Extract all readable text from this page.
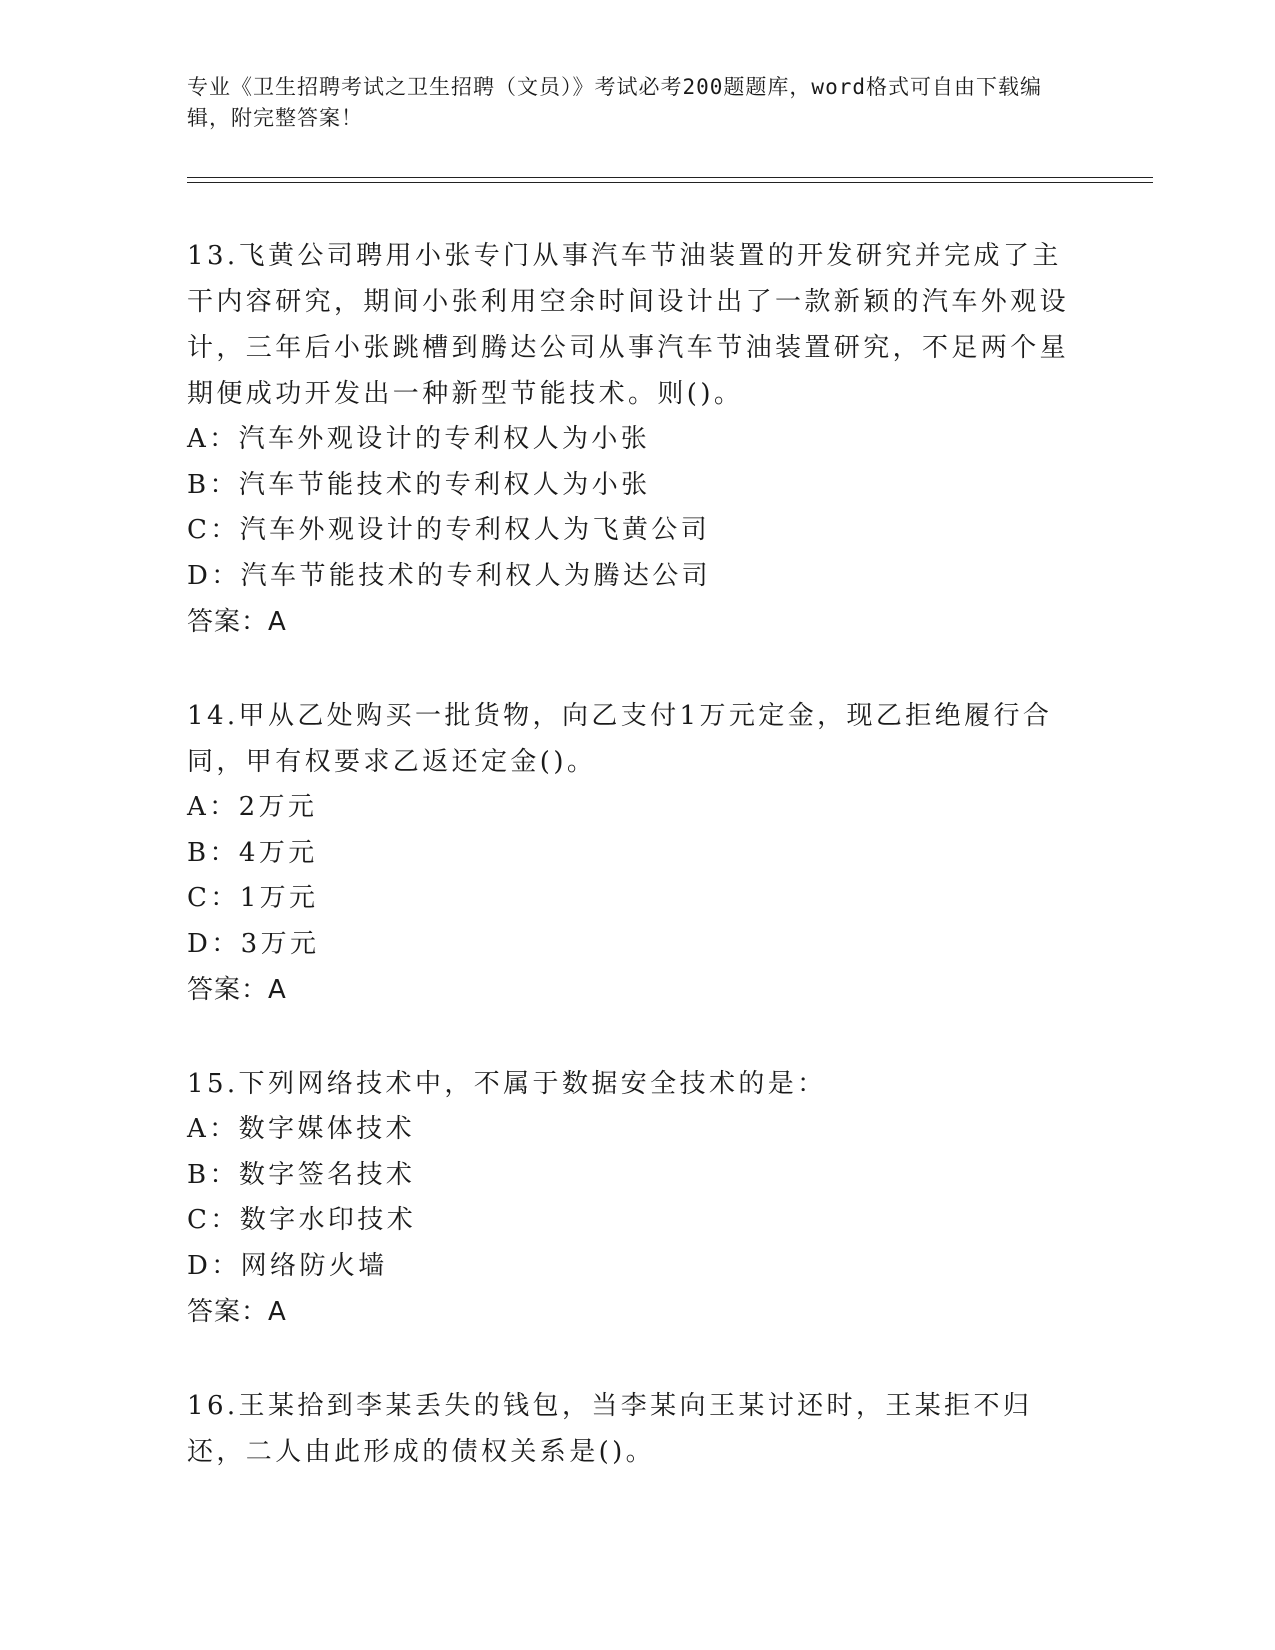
专业《卫生招聘考试之卫生招聘（文员）》考试必考200题题库，word格式可自由下载编辑，附完整答案！
13.飞黄公司聘用小张专门从事汽车节油装置的开发研究并完成了主干内容研究，期间小张利用空余时间设计出了一款新颖的汽车外观设计，三年后小张跳槽到腾达公司从事汽车节油装置研究，不足两个星期便成功开发出一种新型节能技术。则()。
A：汽车外观设计的专利权人为小张
B：汽车节能技术的专利权人为小张
C：汽车外观设计的专利权人为飞黄公司
D：汽车节能技术的专利权人为腾达公司
答案：A
14.甲从乙处购买一批货物，向乙支付1万元定金，现乙拒绝履行合同，甲有权要求乙返还定金()。
A：2万元
B：4万元
C：1万元
D：3万元
答案：A
15.下列网络技术中，不属于数据安全技术的是：
A：数字媒体技术
B：数字签名技术
C：数字水印技术
D：网络防火墙
答案：A
16.王某拾到李某丢失的钱包，当李某向王某讨还时，王某拒不归还，二人由此形成的债权关系是()。
